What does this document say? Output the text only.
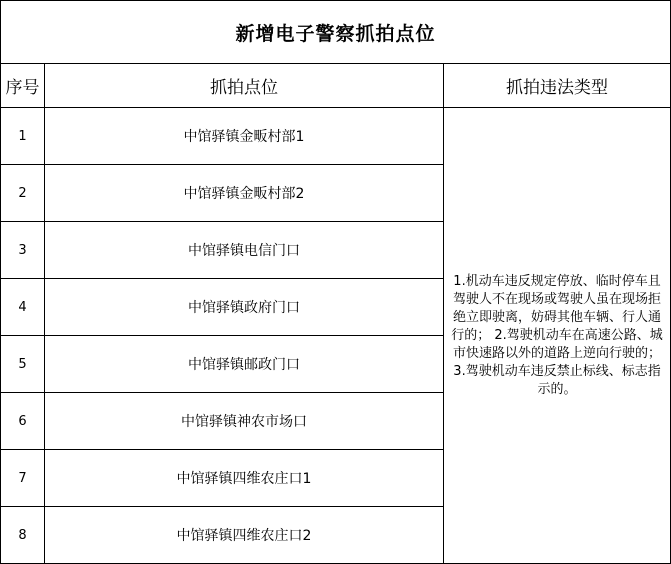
新增电子警察抓拍点位		
序号	抓拍点位	抓拍违法类型
1	中馆驿镇金畈村部1	1.机动车违反规定停放、临时停车且驾驶人不在现场或驾驶人虽在现场拒绝立即驶离，妨碍其他车辆、行人通行的； 2.驾驶机动车在高速公路、城市快速路以外的道路上逆向行驶的；

3.驾驶机动车违反禁止标线、标志指示的。

2	中馆驿镇金畈村部2	
3	中馆驿镇电信门口	
4	中馆驿镇政府门口	
5	中馆驿镇邮政门口	
6	中馆驿镇神农市场口	
7	中馆驿镇四维农庄口1	
8	中馆驿镇四维农庄口2	
